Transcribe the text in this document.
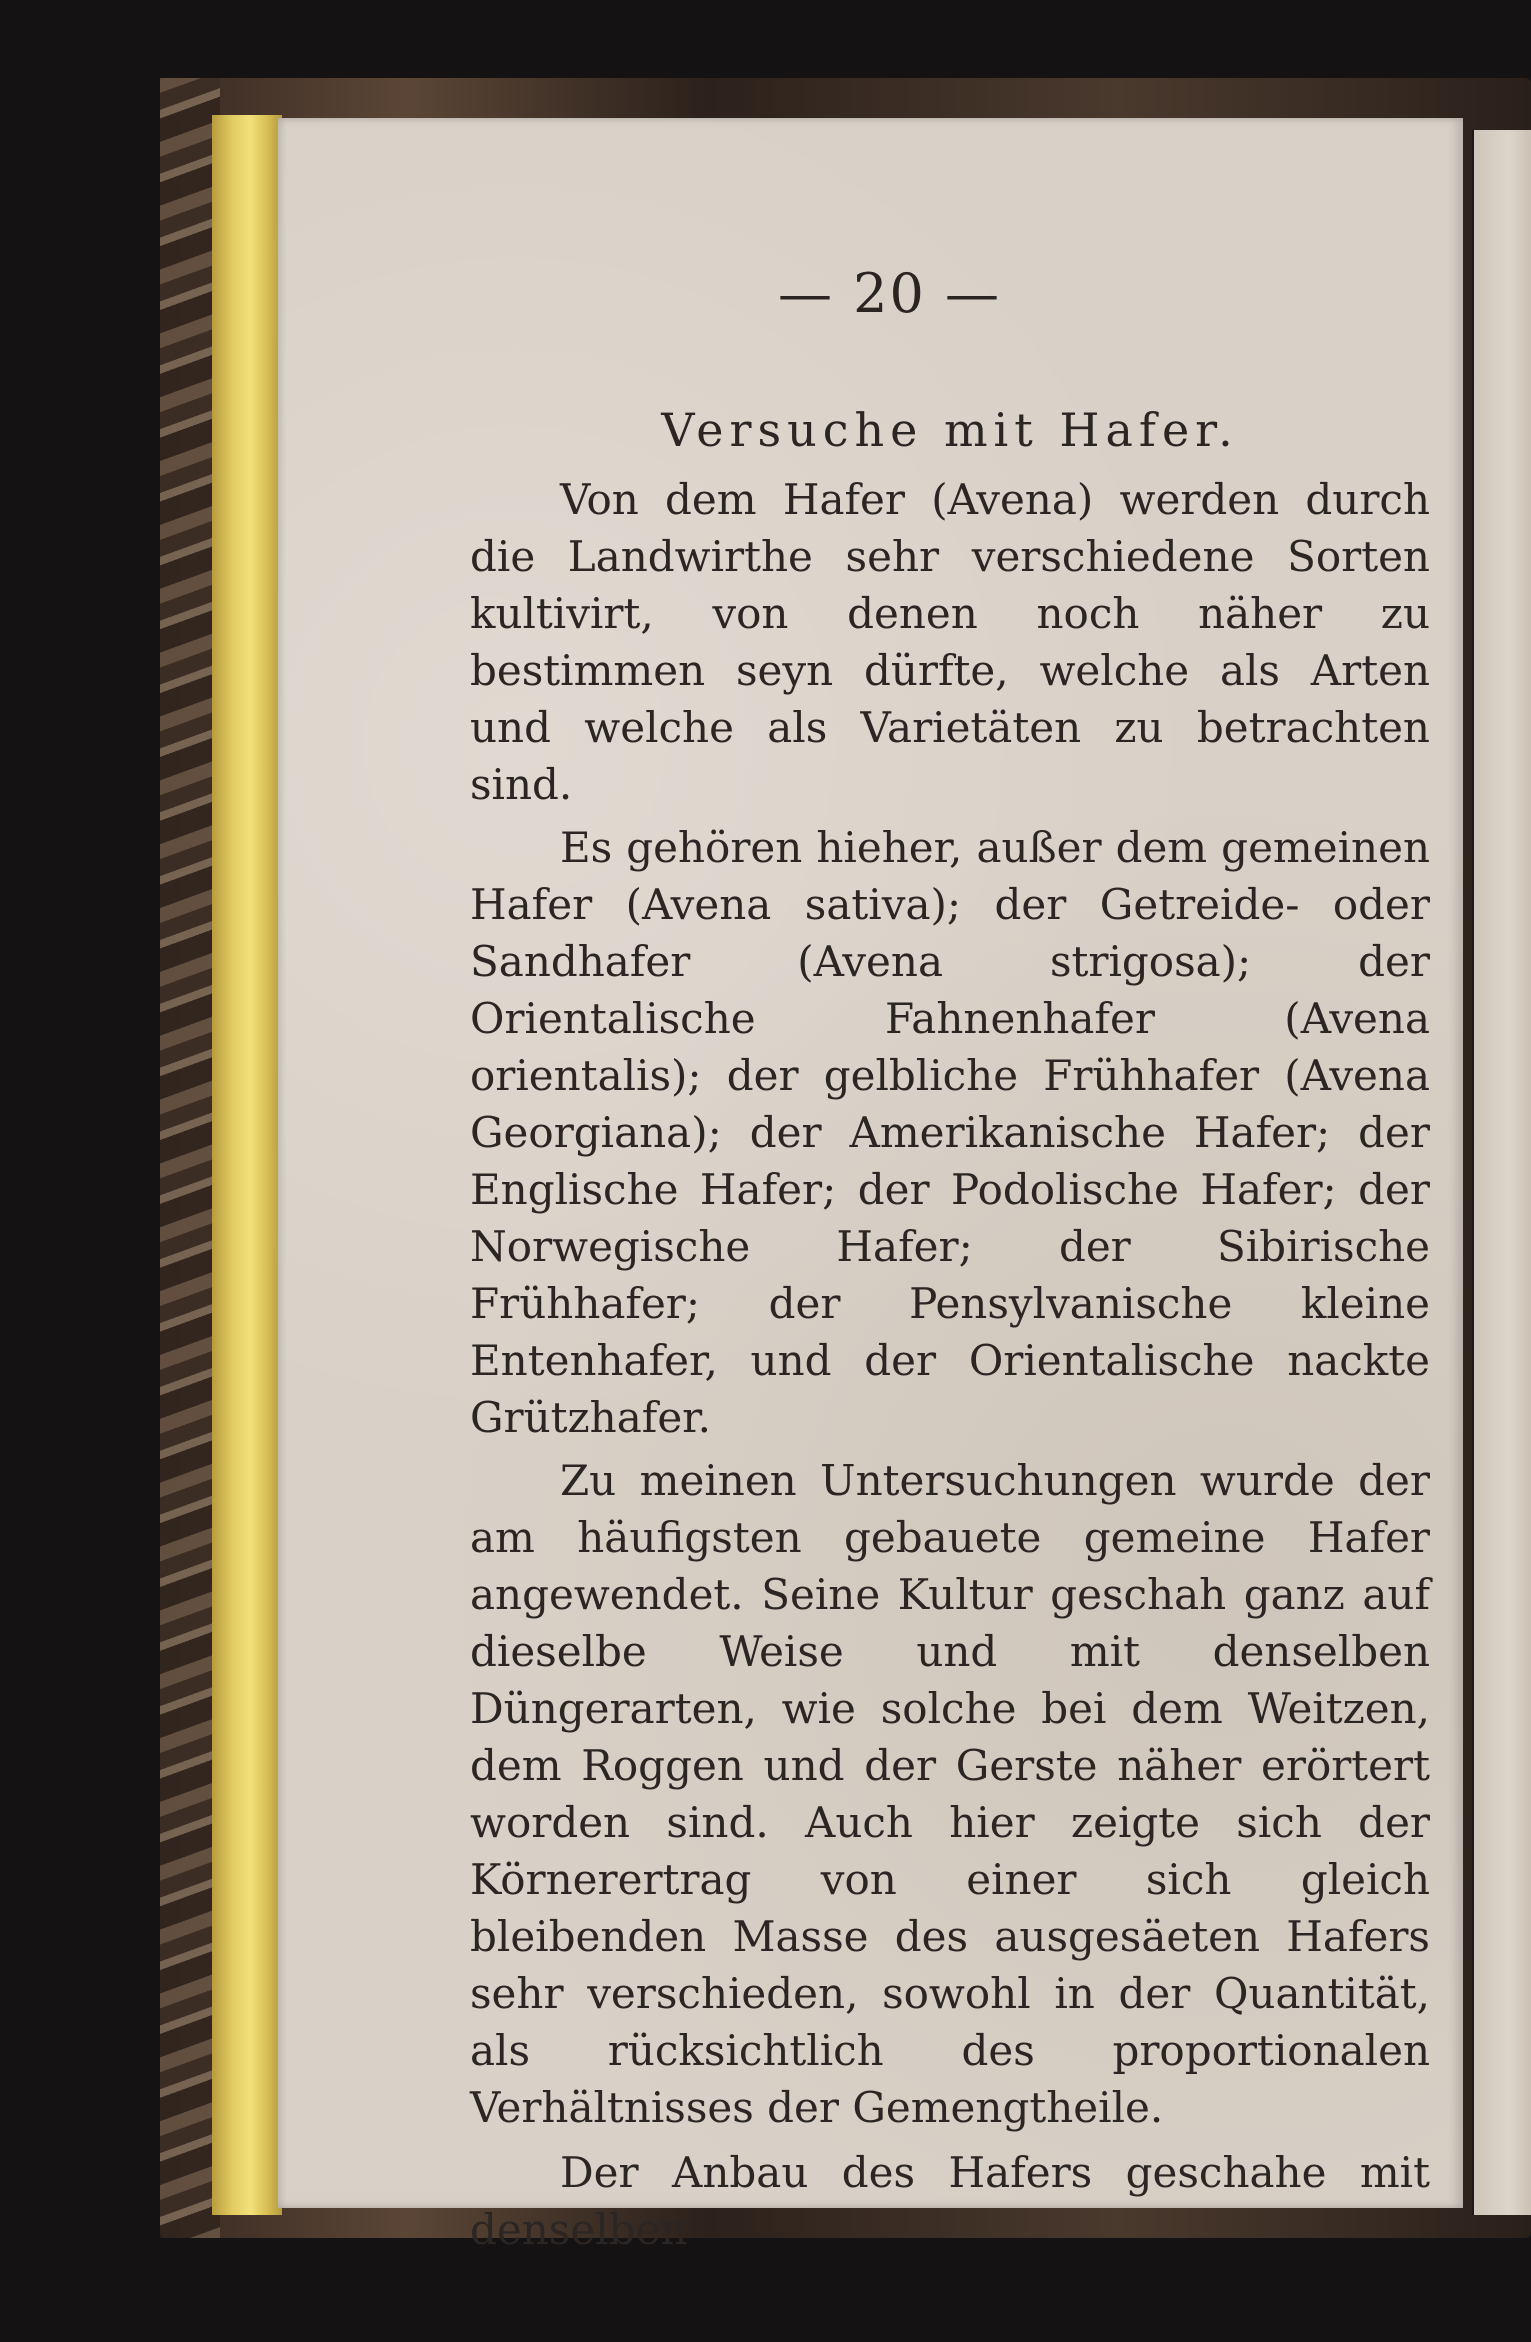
— 20 —
Versuche mit Hafer.

Von dem Hafer (Avena) werden durch die Landwirthe sehr verschiedene Sorten kultivirt, von denen noch näher zu bestimmen seyn dürfte, welche als Arten und welche als Varietäten zu betrachten sind.

Es gehören hieher, außer dem gemeinen Hafer (Avena sativa); der Getreide- oder Sandhafer (Avena strigosa); der Orientalische Fahnenhafer (Avena orientalis); der gelbliche Frühhafer (Avena Georgiana); der Amerikanische Hafer; der Englische Hafer; der Podolische Hafer; der Norwegische Hafer; der Sibirische Frühhafer; der Pensylvanische kleine Entenhafer, und der Orientalische nackte Grützhafer.

Zu meinen Untersuchungen wurde der am häufigsten gebauete gemeine Hafer angewendet. Seine Kultur geschah ganz auf dieselbe Weise und mit denselben Düngerarten, wie solche bei dem Weitzen, dem Roggen und der Gerste näher erörtert worden sind. Auch hier zeigte sich der Körnerertrag von einer sich gleich bleibenden Masse des ausgesäeten Hafers sehr verschieden, sowohl in der Quantität, als rücksichtlich des proportionalen Verhältnisses der Gemengtheile.

Der Anbau des Hafers geschahe mit denselben
